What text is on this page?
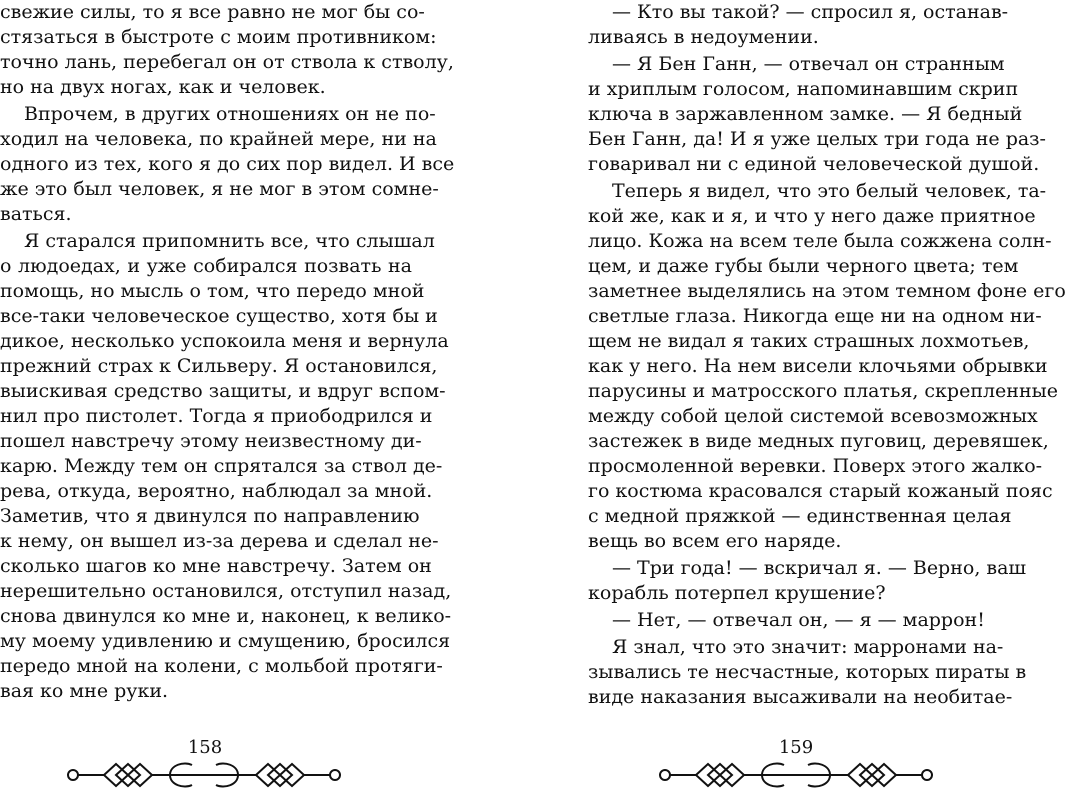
свежие силы, то я все равно не мог бы со-
стязаться в быстроте с моим противником:
точно лань, перебегал он от ствола к стволу,
но на двух ногах, как и человек.
Впрочем, в других отношениях он не по-
ходил на человека, по крайней мере, ни на
одного из тех, кого я до сих пор видел. И все
же это был человек, я не мог в этом сомне-
ваться.
Я старался припомнить все, что слышал
о людоедах, и уже собирался позвать на
помощь, но мысль о том, что передо мной
все-таки человеческое существо, хотя бы и
дикое, несколько успокоила меня и вернула
прежний страх к Сильверу. Я остановился,
выискивая средство защиты, и вдруг вспом-
нил про пистолет. Тогда я приободрился и
пошел навстречу этому неизвестному ди-
карю. Между тем он спрятался за ствол де-
рева, откуда, вероятно, наблюдал за мной.
Заметив, что я двинулся по направлению
к нему, он вышел из-за дерева и сделал не-
сколько шагов ко мне навстречу. Затем он
нерешительно остановился, отступил назад,
снова двинулся ко мне и, наконец, к велико-
му моему удивлению и смущению, бросился
передо мной на колени, с мольбой протяги-
вая ко мне руки.
158
— Кто вы такой? — спросил я, останав-
ливаясь в недоумении.
— Я Бен Ганн, — отвечал он странным
и хриплым голосом, напоминавшим скрип
ключа в заржавленном замке. — Я бедный
Бен Ганн, да! И я уже целых три года не раз-
говаривал ни с единой человеческой душой.
Теперь я видел, что это белый человек, та-
кой же, как и я, и что у него даже приятное
лицо. Кожа на всем теле была сожжена солн-
цем, и даже губы были черного цвета; тем
заметнее выделялись на этом темном фоне его
светлые глаза. Никогда еще ни на одном ни-
щем не видал я таких страшных лохмотьев,
как у него. На нем висели клочьями обрывки
парусины и матросского платья, скрепленные
между собой целой системой всевозможных
застежек в виде медных пуговиц, деревяшек,
просмоленной веревки. Поверх этого жалко-
го костюма красовался старый кожаный пояс
с медной пряжкой — единственная целая
вещь во всем его наряде.
— Три года! — вскричал я. — Верно, ваш
корабль потерпел крушение?
— Нет, — отвечал он, — я — маррон!
Я знал, что это значит: марронами на-
зывались те несчастные, которых пираты в
виде наказания высаживали на необитае-
159
